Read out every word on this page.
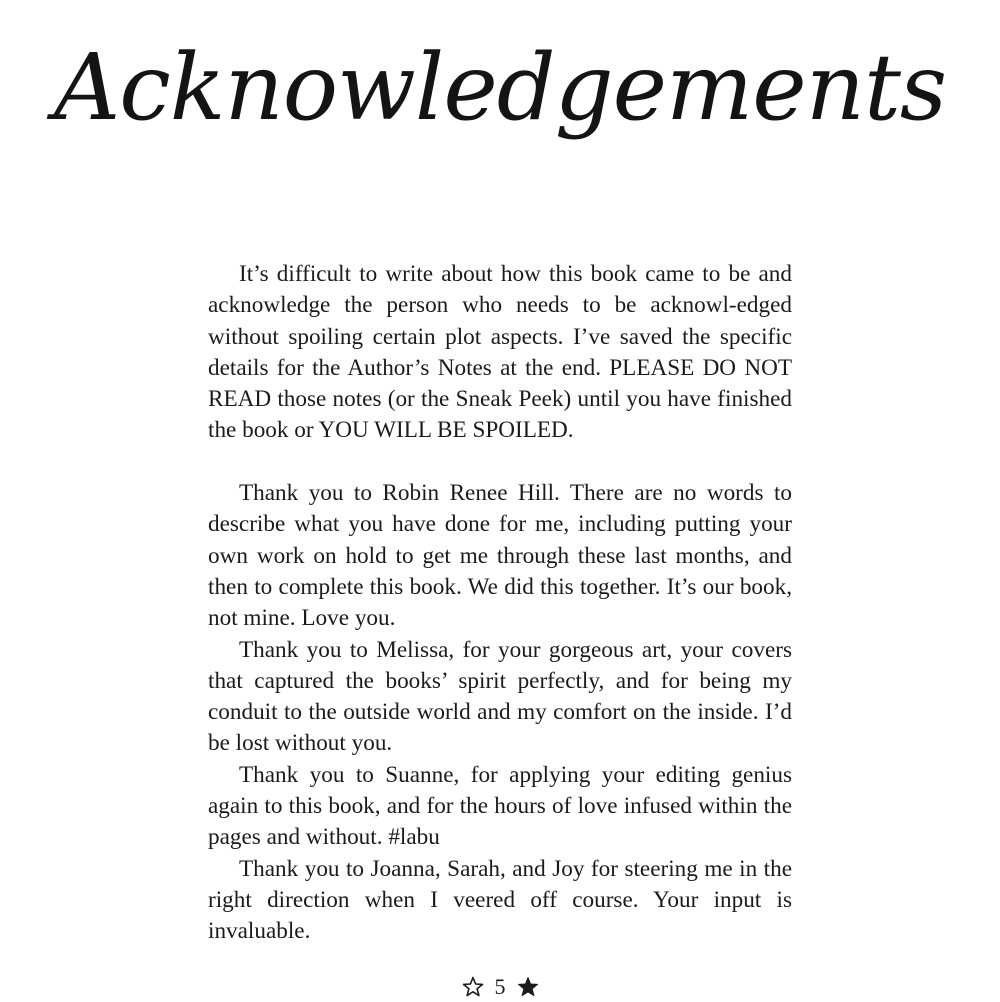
Acknowledgements

It’s difficult to write about how this book came to be and acknowledge the person who needs to be acknowl-edged without spoiling certain plot aspects. I’ve saved the specific details for the Author’s Notes at the end. PLEASE DO NOT READ those notes (or the Sneak Peek) until you have finished the book or YOU WILL BE SPOILED.

Thank you to Robin Renee Hill. There are no words to describe what you have done for me, including putting your own work on hold to get me through these last months, and then to complete this book. We did this together. It’s our book, not mine. Love you.

Thank you to Melissa, for your gorgeous art, your covers that captured the books’ spirit perfectly, and for being my conduit to the outside world and my comfort on the inside. I’d be lost without you.

Thank you to Suanne, for applying your editing genius again to this book, and for the hours of love infused within the pages and without. #labu

Thank you to Joanna, Sarah, and Joy for steering me in the right direction when I veered off course. Your input is invaluable.

5
